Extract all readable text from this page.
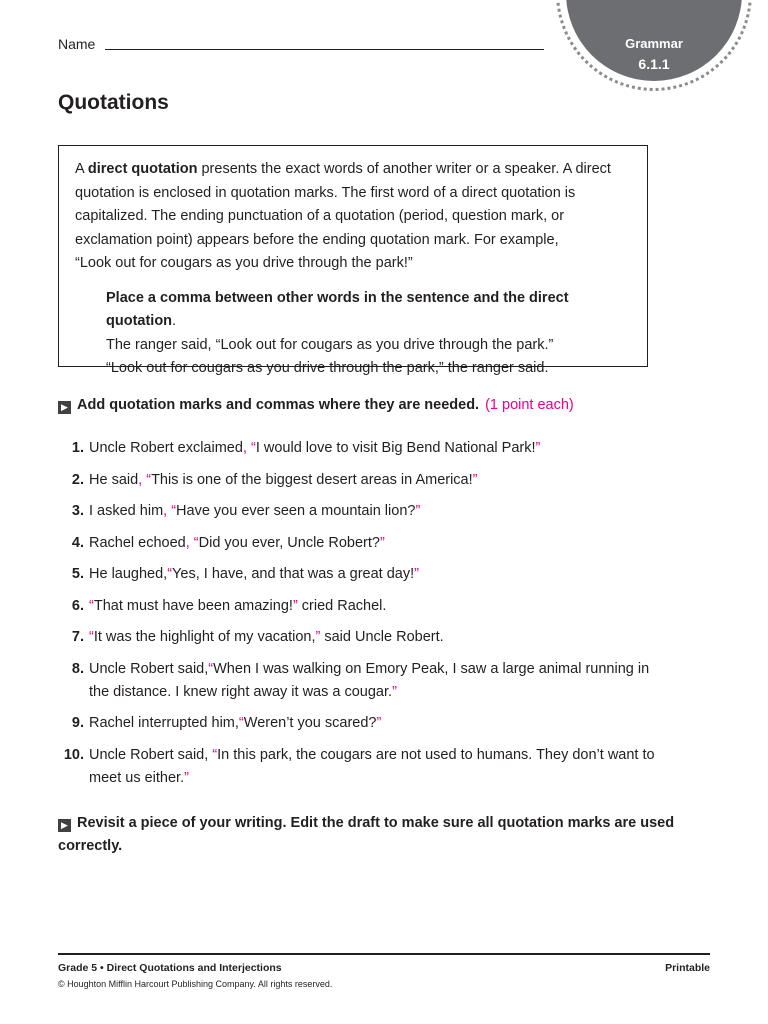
Grammar
6.1.1
Name
Quotations

A direct quotation presents the exact words of another writer or a speaker. A direct quotation is enclosed in quotation marks. The first word of a direct quotation is capitalized. The ending punctuation of a quotation (period, question mark, or exclamation point) appears before the ending quotation mark. For example,
“Look out for cougars as you drive through the park!”

Place a comma between other words in the sentence and the direct quotation.

The ranger said, “Look out for cougars as you drive through the park.”

“Look out for cougars as you drive through the park,” the ranger said.

▶ Add quotation marks and commas where they are needed. (1 point each)
1. Uncle Robert exclaimed, “I would love to visit Big Bend National Park!”
2. He said, “This is one of the biggest desert areas in America!”
3. I asked him, “Have you ever seen a mountain lion?”
4. Rachel echoed, “Did you ever, Uncle Robert?”
5. He laughed,“Yes, I have, and that was a great day!”
6. “That must have been amazing!” cried Rachel.
7. “It was the highlight of my vacation,” said Uncle Robert.
8. Uncle Robert said,“When I was walking on Emory Peak, I saw a large animal running in the distance. I knew right away it was a cougar.”
9. Rachel interrupted him,“Weren’t you scared?”
10. Uncle Robert said, “In this park, the cougars are not used to humans. They don’t want to meet us either.”
▶ Revisit a piece of your writing. Edit the draft to make sure all quotation marks are used correctly.
Grade 5 • Direct Quotations and Interjections
© Houghton Mifflin Harcourt Publishing Company. All rights reserved.
Printable
